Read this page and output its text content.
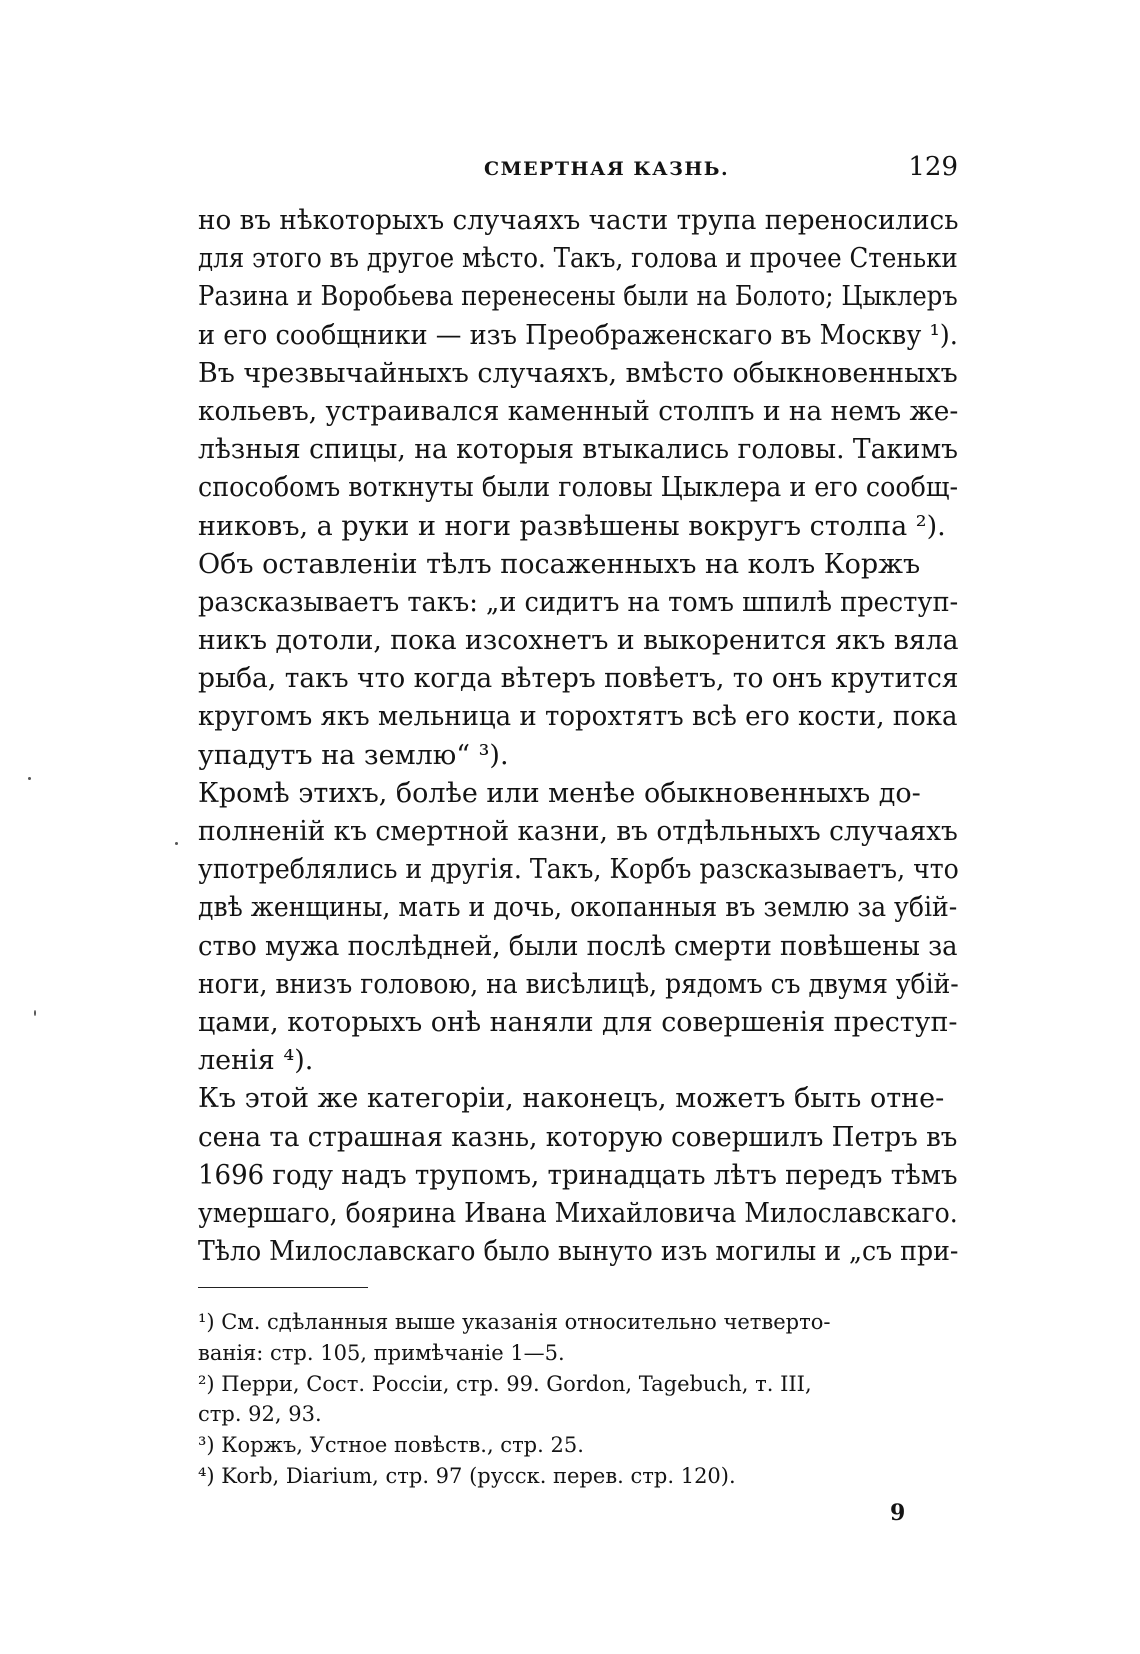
СМЕРТНАЯ КАЗНЬ.	129
но въ нѣкоторыхъ случаяхъ части трупа переносились
для этого въ другое мѣсто. Такъ, голова и прочее Стеньки
Разина и Воробьева перенесены были на Болото; Цыклеръ
и его сообщники — изъ Преображенскаго въ Москву ¹).
Въ чрезвычайныхъ случаяхъ, вмѣсто обыкновенныхъ
кольевъ, устраивался каменный столпъ и на немъ же-
лѣзныя спицы, на которыя втыкались головы. Такимъ
способомъ воткнуты были головы Цыклера и его сообщ-
никовъ, а руки и ноги развѣшены вокругъ столпа ²).
Объ оставленіи тѣлъ посаженныхъ на колъ Коржъ
разсказываетъ такъ: „и сидитъ на томъ шпилѣ преступ-
никъ дотоли, пока изсохнетъ и выкоренится якъ вяла
рыба, такъ что когда вѣтеръ повѣетъ, то онъ крутится
кругомъ якъ мельница и торохтятъ всѣ его кости, пока
упадутъ на землю“ ³).
Кромѣ этихъ, болѣе или менѣе обыкновенныхъ до-
полненій къ смертной казни, въ отдѣльныхъ случаяхъ
употреблялись и другія. Такъ, Корбъ разсказываетъ, что
двѣ женщины, мать и дочь, окопанныя въ землю за убій-
ство мужа послѣдней, были послѣ смерти повѣшены за
ноги, внизъ головою, на висѣлицѣ, рядомъ съ двумя убій-
цами, которыхъ онѣ наняли для совершенія преступ-
ленія ⁴).
Къ этой же категоріи, наконецъ, можетъ быть отне-
сена та страшная казнь, которую совершилъ Петръ въ
1696 году надъ трупомъ, тринадцать лѣтъ передъ тѣмъ
умершаго, боярина Ивана Михайловича Милославскаго.
Тѣло Милославскаго было вынуто изъ могилы и „съ при-
¹) См. сдѣланныя выше указанія относительно четверто-
ванія: стр. 105, примѣчаніе 1—5.
²) Перри, Сост. Россіи, стр. 99. Gordon, Tagebuch, т. III,
стр. 92, 93.
³) Коржъ, Устное повѣств., стр. 25.
⁴) Korb, Diarium, стр. 97 (русск. перев. стр. 120).
9
